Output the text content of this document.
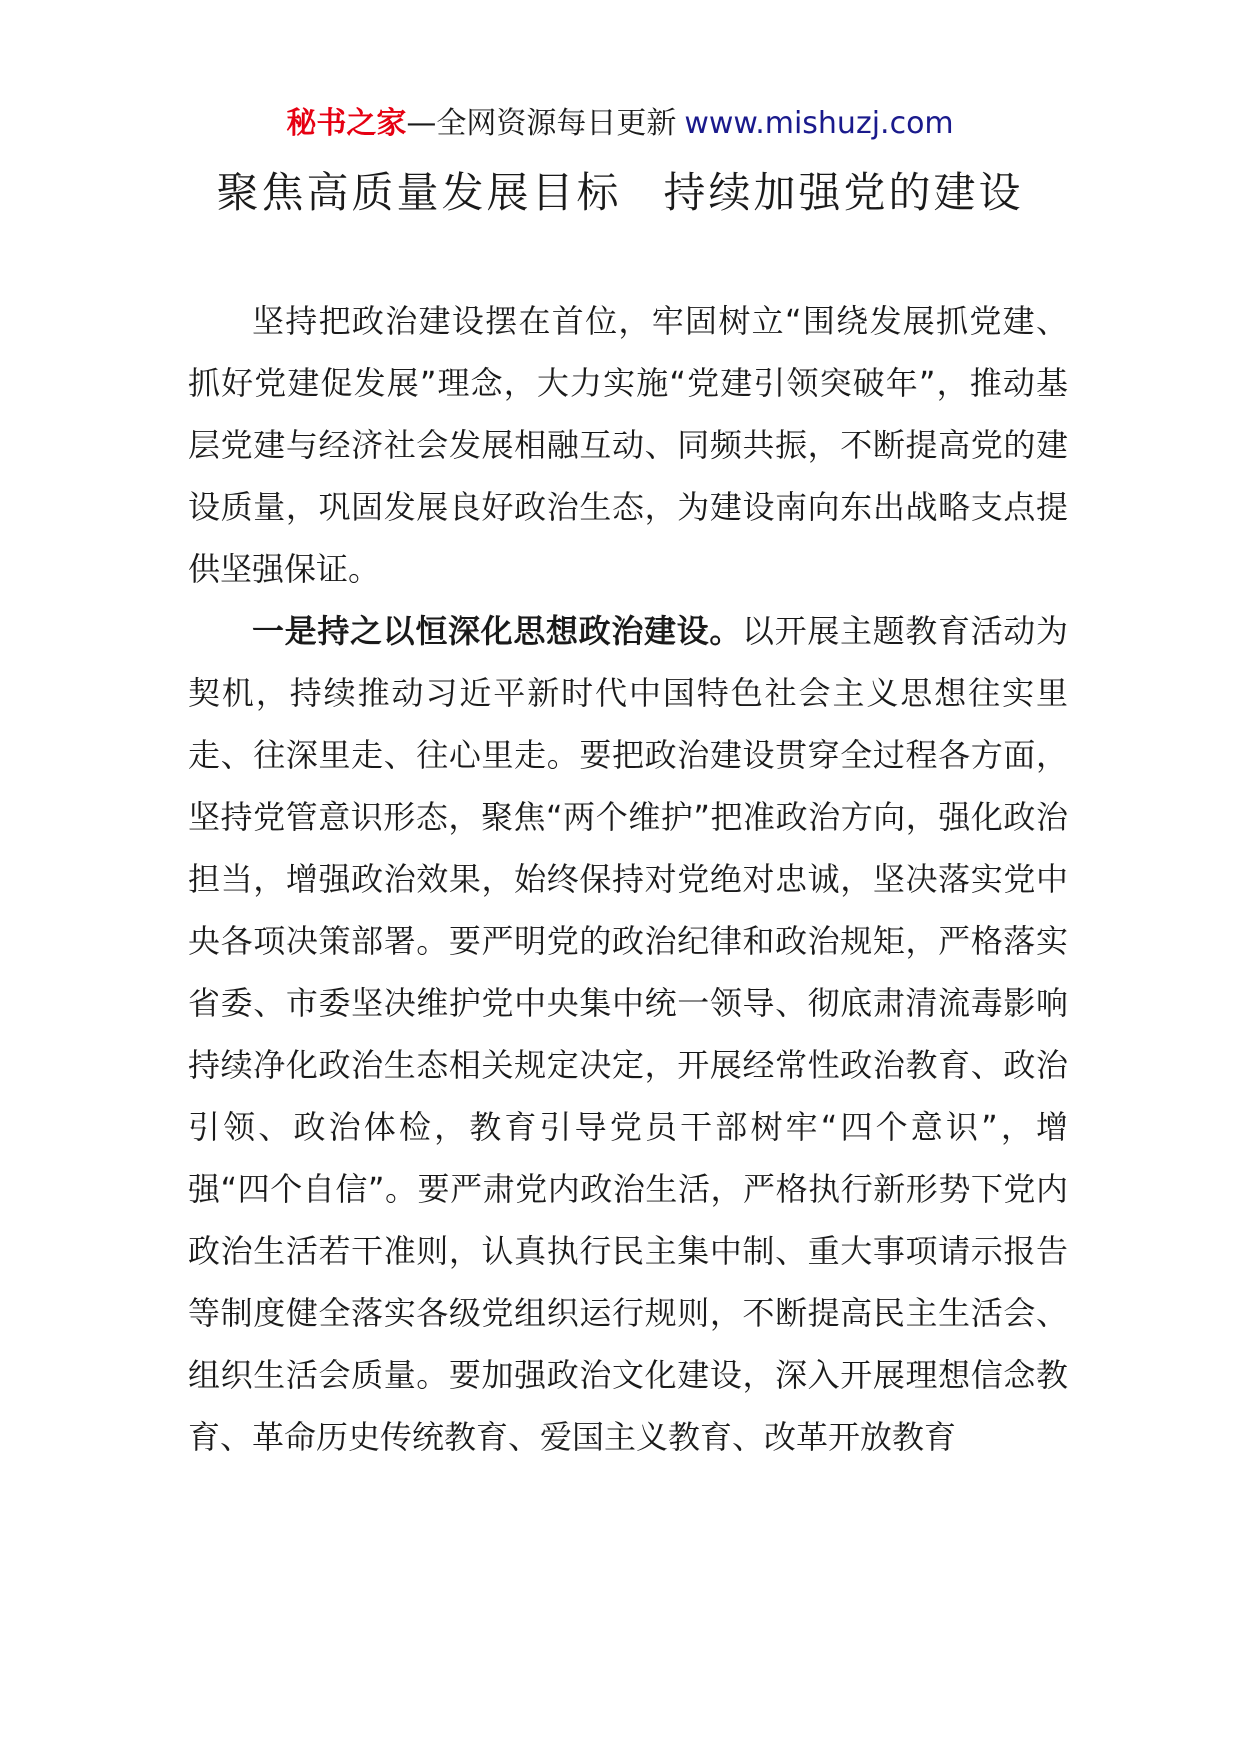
秘书之家—全网资源每日更新 www.mishuzj.com
聚焦高质量发展目标 持续加强党的建设

坚持把政治建设摆在首位，牢固树立“围绕发展抓党建、抓好党建促发展”理念，大力实施“党建引领突破年”，推动基层党建与经济社会发展相融互动、同频共振，不断提高党的建设质量，巩固发展良好政治生态，为建设南向东出战略支点提供坚强保证。

一是持之以恒深化思想政治建设。以开展主题教育活动为契机，持续推动习近平新时代中国特色社会主义思想往实里走、往深里走、往心里走。要把政治建设贯穿全过程各方面，坚持党管意识形态，聚焦“两个维护”把准政治方向，强化政治担当，增强政治效果，始终保持对党绝对忠诚，坚决落实党中央各项决策部署。要严明党的政治纪律和政治规矩，严格落实省委、市委坚决维护党中央集中统一领导、彻底肃清流毒影响持续净化政治生态相关规定决定，开展经常性政治教育、政治引领、政治体检，教育引导党员干部树牢“四个意识”，增强“四个自信”。要严肃党内政治生活，严格执行新形势下党内政治生活若干准则，认真执行民主集中制、重大事项请示报告等制度健全落实各级党组织运行规则，不断提高民主生活会、组织生活会质量。要加强政治文化建设，深入开展理想信念教育、革命历史传统教育、爱国主义教育、改革开放教育
